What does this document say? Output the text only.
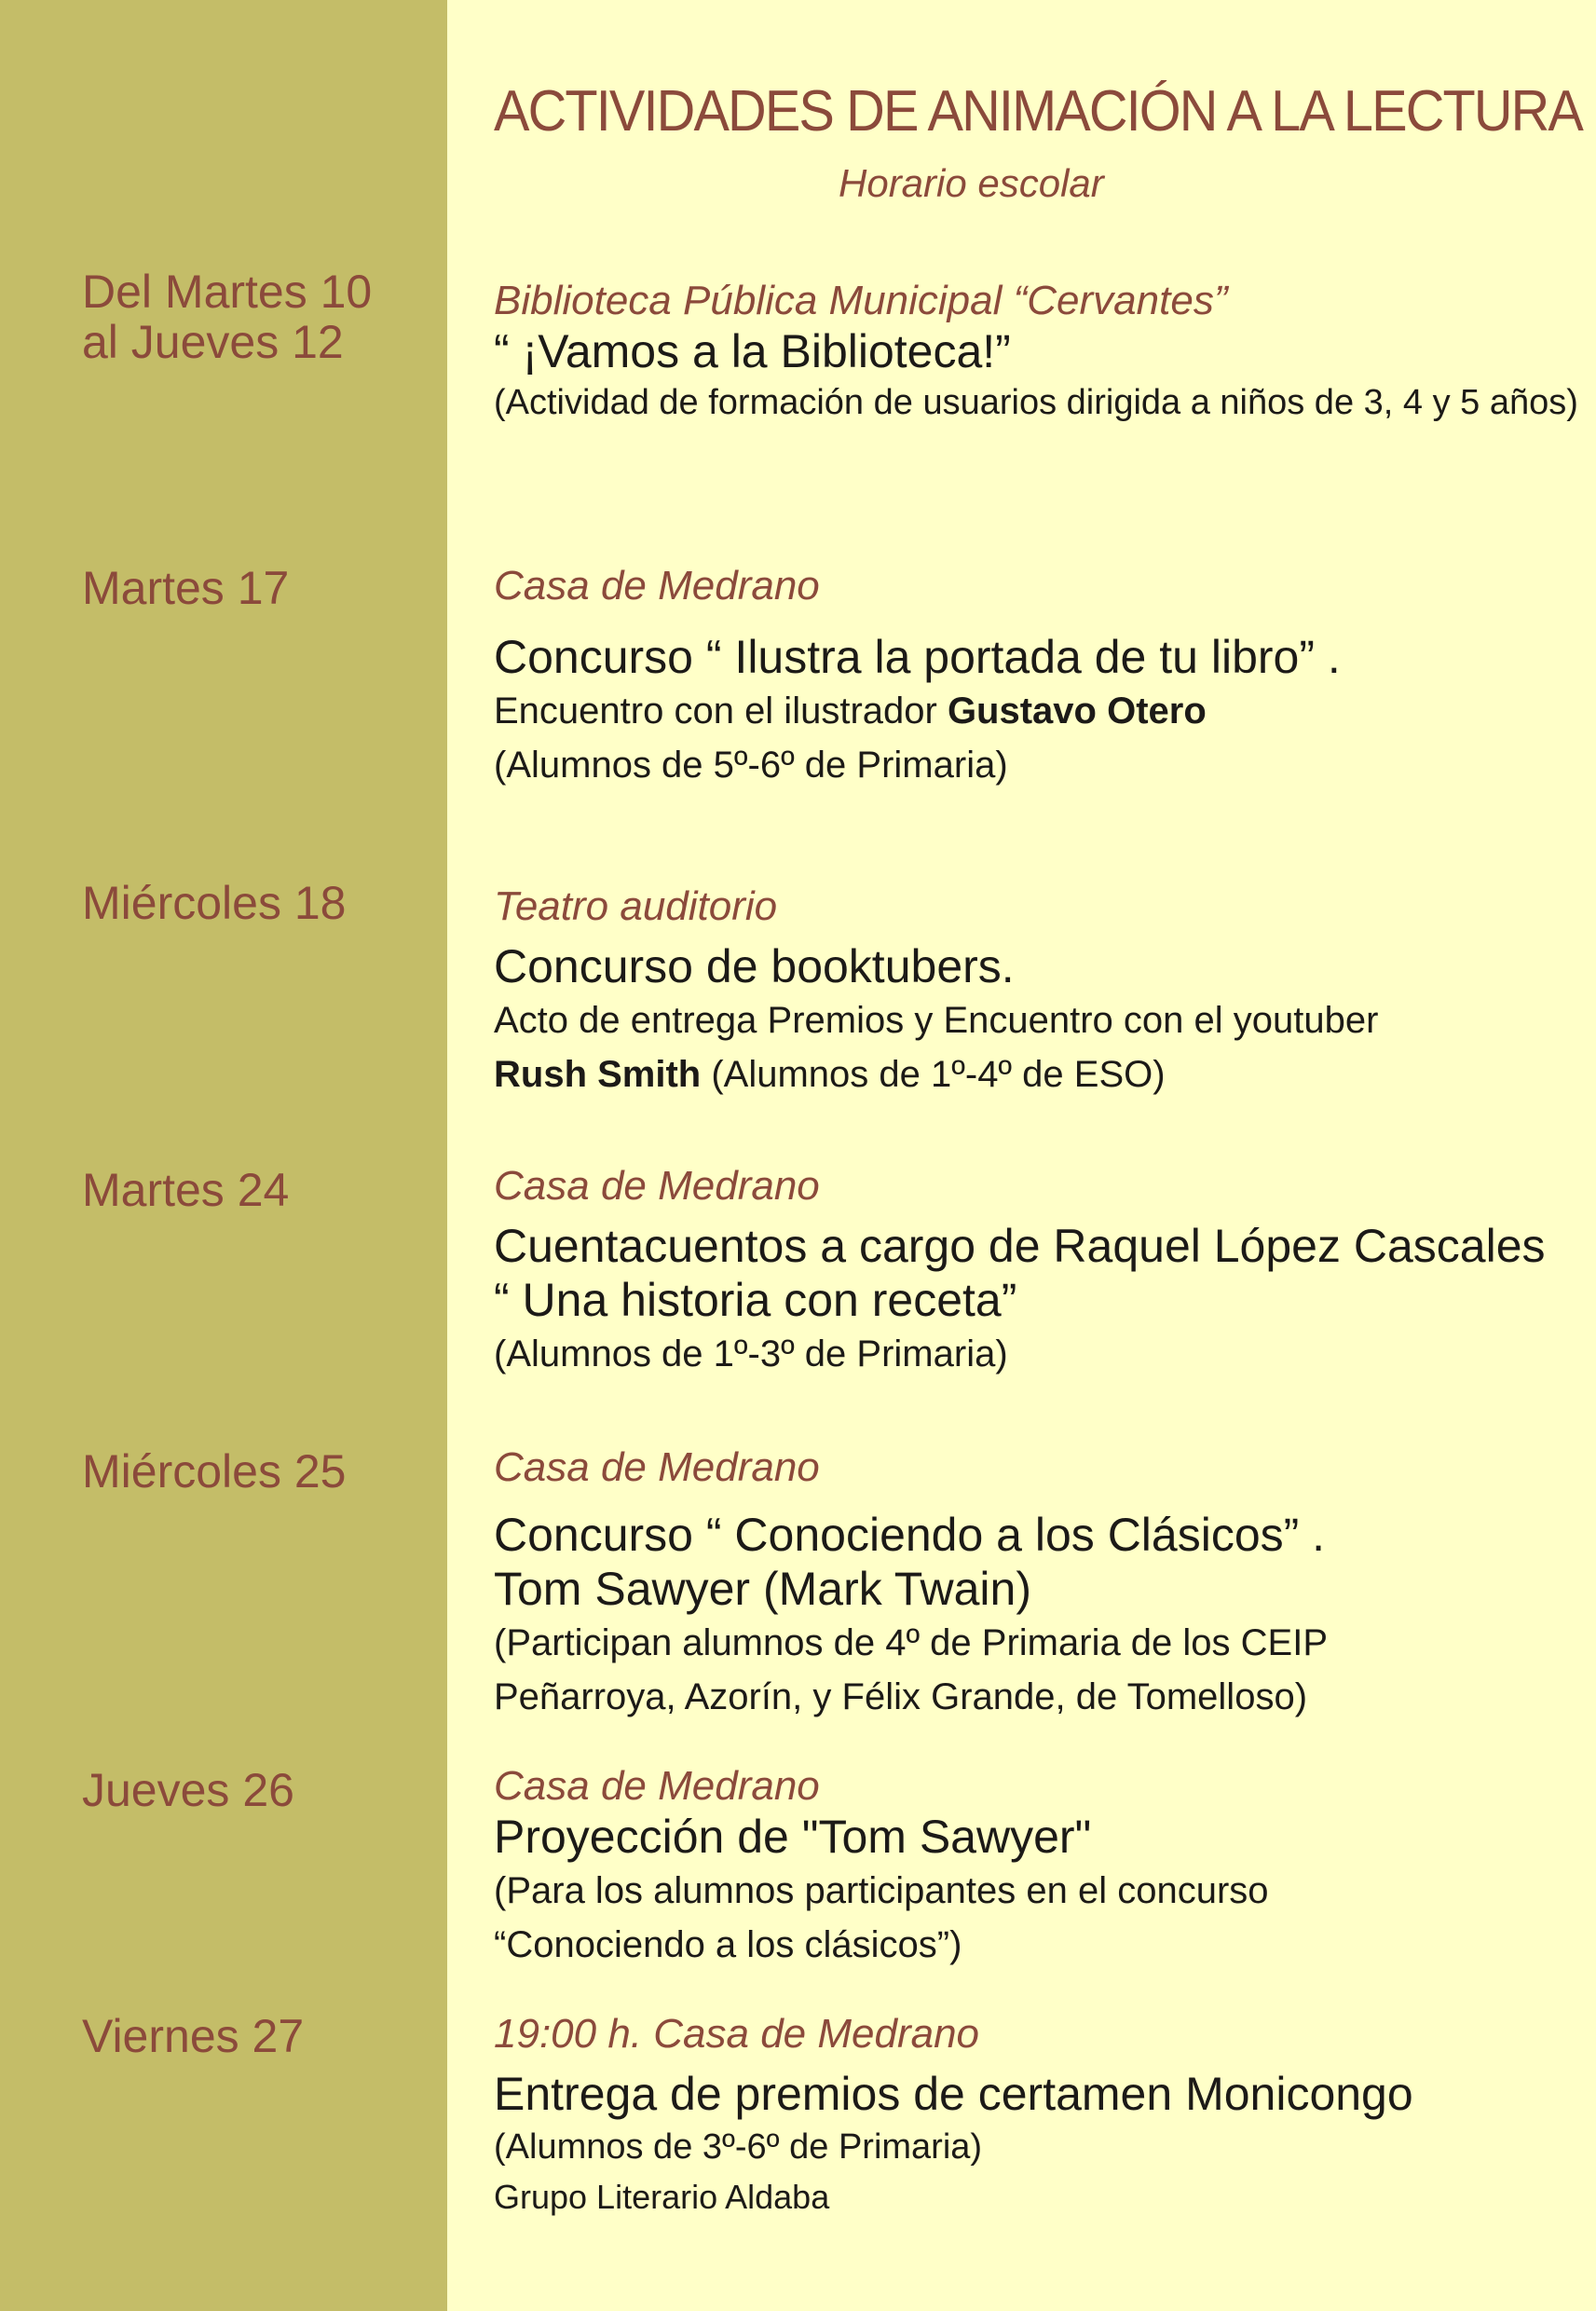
ACTIVIDADES DE ANIMACIÓN A LA LECTURA
Horario escolar
Del Martes 10
al Jueves 12
Biblioteca Pública Municipal “Cervantes”
“ ¡Vamos a la Biblioteca!”
(Actividad de formación de usuarios dirigida a niños de 3, 4 y 5 años)
Martes 17	Casa de Medrano
Concurso “ Ilustra la portada de tu libro” .
Encuentro con el ilustrador Gustavo Otero
(Alumnos de 5º-6º de Primaria)
Miércoles 18	Teatro auditorio
Concurso de booktubers.
Acto de entrega Premios y Encuentro con el youtuber
Rush Smith (Alumnos de 1º-4º de ESO)
Martes 24	Casa de Medrano
Cuentacuentos a cargo de Raquel López Cascales
“ Una historia con receta”
(Alumnos de 1º-3º de Primaria)
Miércoles 25	Casa de Medrano
Concurso “ Conociendo a los Clásicos” .
Tom Sawyer (Mark Twain)
(Participan alumnos de 4º de Primaria de los CEIP
Peñarroya, Azorín, y Félix Grande, de Tomelloso)
Jueves 26	Casa de Medrano
Proyección de "Tom Sawyer"
(Para los alumnos participantes en el concurso
“Conociendo a los clásicos”)
Viernes 27	19:00 h. Casa de Medrano
Entrega de premios de certamen Monicongo
(Alumnos de 3º-6º de Primaria)
Grupo Literario Aldaba
